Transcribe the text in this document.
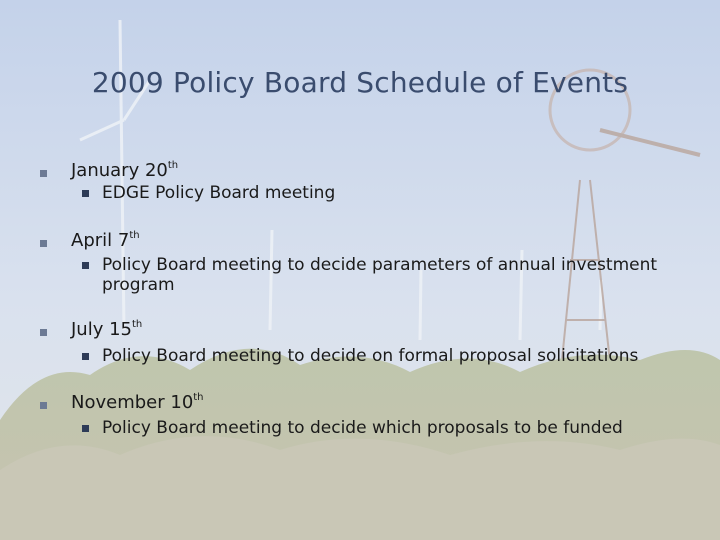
2009 Policy Board Schedule of Events
January 20th
EDGE Policy Board meeting
April 7th
Policy Board meeting to decide parameters of annual investment program
July 15th
Policy Board meeting to decide on formal proposal solicitations
November 10th
Policy Board meeting to decide which proposals to be funded
